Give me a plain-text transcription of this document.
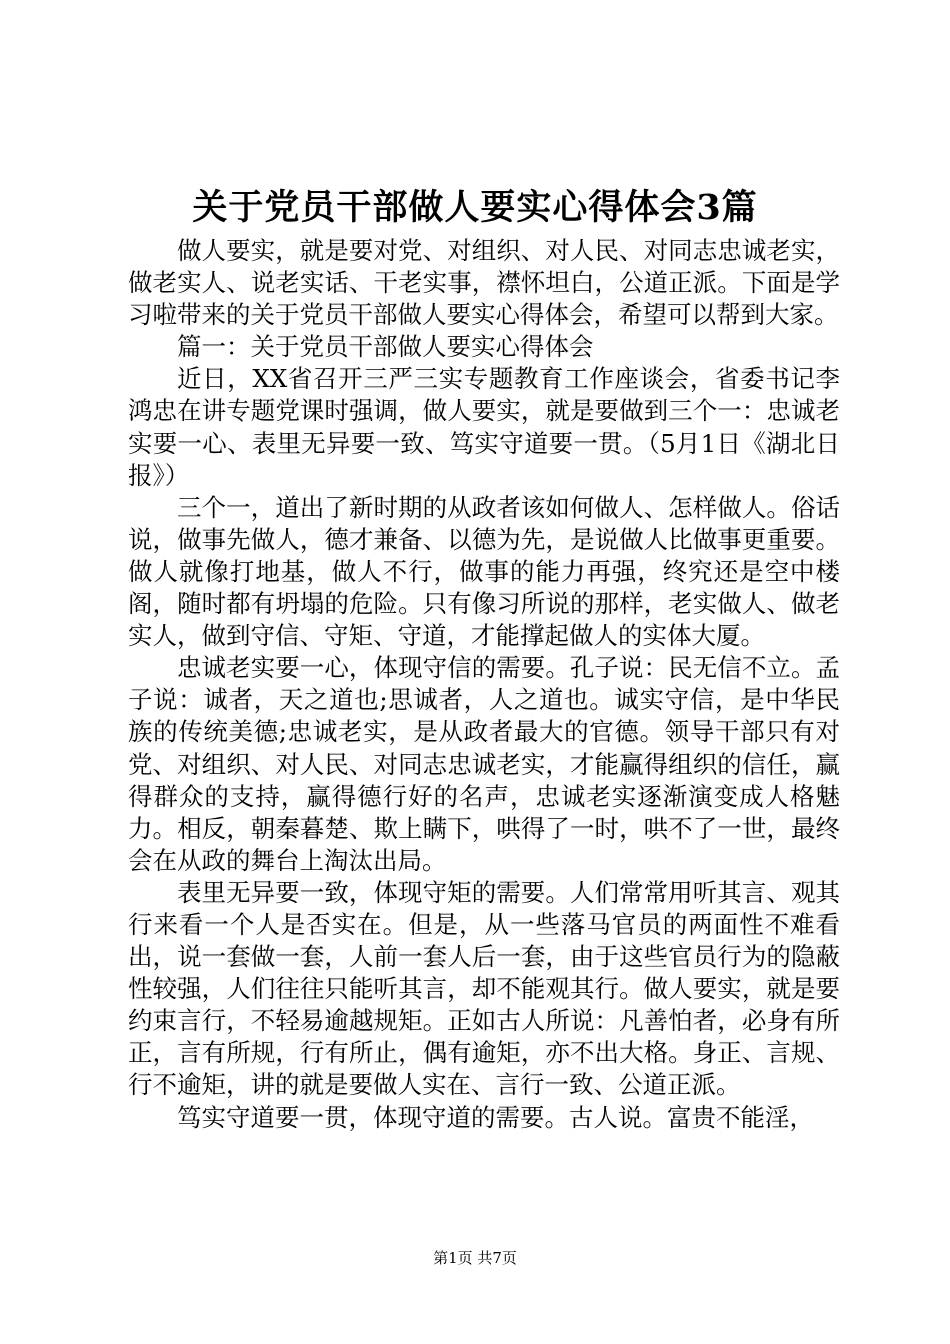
关于党员干部做人要实心得体会3篇

做人要实，就是要对党、对组织、对人民、对同志忠诚老实，做老实人、说老实话、干老实事，襟怀坦白，公道正派。下面是学习啦带来的关于党员干部做人要实心得体会，希望可以帮到大家。

篇一：关于党员干部做人要实心得体会

近日，XX省召开三严三实专题教育工作座谈会，省委书记李鸿忠在讲专题党课时强调，做人要实，就是要做到三个一：忠诚老实要一心、表里无异要一致、笃实守道要一贯。（5月1日《湖北日报》）

三个一，道出了新时期的从政者该如何做人、怎样做人。俗话说，做事先做人，德才兼备、以德为先，是说做人比做事更重要。做人就像打地基，做人不行，做事的能力再强，终究还是空中楼阁，随时都有坍塌的危险。只有像习所说的那样，老实做人、做老实人，做到守信、守矩、守道，才能撑起做人的实体大厦。

忠诚老实要一心，体现守信的需要。孔子说：民无信不立。孟子说：诚者，天之道也;思诚者，人之道也。诚实守信，是中华民族的传统美德;忠诚老实，是从政者最大的官德。领导干部只有对党、对组织、对人民、对同志忠诚老实，才能赢得组织的信任，赢得群众的支持，赢得德行好的名声，忠诚老实逐渐演变成人格魅力。相反，朝秦暮楚、欺上瞒下，哄得了一时，哄不了一世，最终会在从政的舞台上淘汰出局。

表里无异要一致，体现守矩的需要。人们常常用听其言、观其行来看一个人是否实在。但是，从一些落马官员的两面性不难看出，说一套做一套，人前一套人后一套，由于这些官员行为的隐蔽性较强，人们往往只能听其言，却不能观其行。做人要实，就是要约束言行，不轻易逾越规矩。正如古人所说：凡善怕者，必身有所正，言有所规，行有所止，偶有逾矩，亦不出大格。身正、言规、行不逾矩，讲的就是要做人实在、言行一致、公道正派。

笃实守道要一贯，体现守道的需要。古人说。富贵不能淫，

第1页 共7页
